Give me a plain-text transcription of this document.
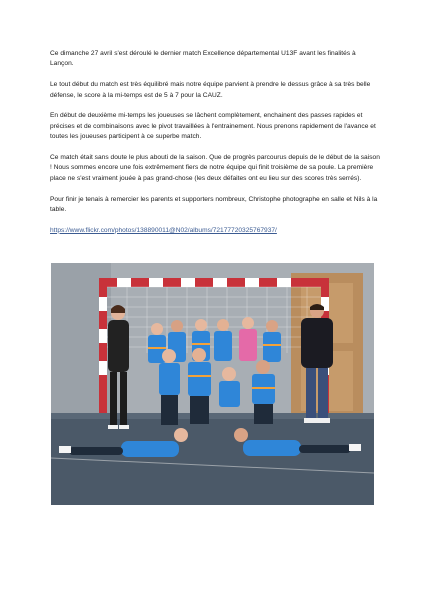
Ce dimanche 27 avril s'est déroulé le dernier match Excellence départemental U13F avant les finalités à Lançon.

Le tout début du match est très équilibré mais notre équipe parvient à prendre le dessus grâce à sa très belle défense, le score à la mi-temps est de 5 à 7 pour la CAUZ.

En début de deuxième mi-temps les joueuses se lâchent complètement, enchainent des passes rapides et précises et de combinaisons avec le pivot travaillées à l'entrainement. Nous prenons rapidement de l'avance et toutes les joueuses participent à ce superbe match.

Ce match était sans doute le plus abouti de la saison. Que de progrès parcourus depuis de le début de la saison ! Nous sommes encore une fois extrêmement fiers de notre équipe qui finit troisième de sa poule. La première place ne s'est vraiment jouée à pas grand-chose (les deux défaites ont eu lieu sur des scores très serrés).

Pour finir je tenais à remercier les parents et supporters nombreux, Christophe photographe en salle et Nils à la table.

https://www.flickr.com/photos/138890011@N02/albums/72177720325767937/
